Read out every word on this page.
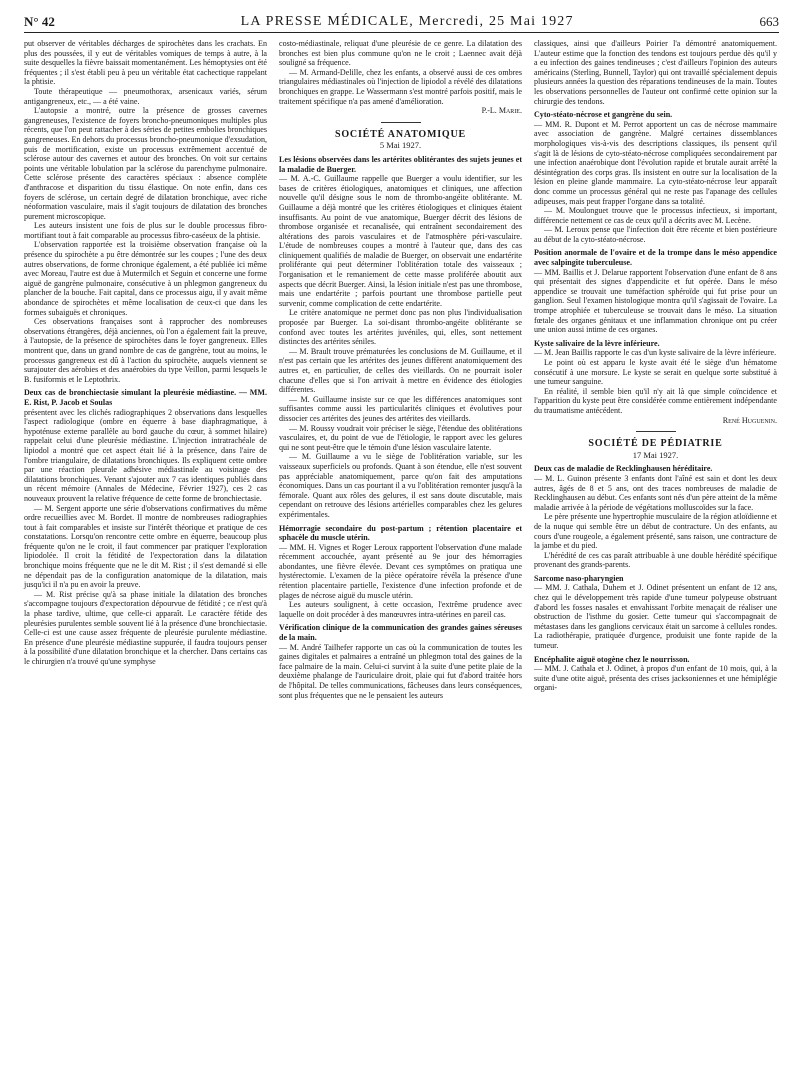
N° 42	LA PRESSE MÉDICALE, Mercredi, 25 Mai 1927	663

put observer de véritables décharges de spirochètes dans les crachats. En plus des poussées, il y eut de véritables vomiques de temps à autre, à la suite desquelles la fièvre baissait momentanément. Les hémoptysies ont été fréquentes ; il s'est établi peu à peu un véritable état cachectique rappelant la phtisie.

Toute thérapeutique — pneumothorax, arsenicaux variés, sérum antigangreneux, etc., — a été vaine.

L'autopsie a montré, outre la présence de grosses cavernes gangreneuses, l'existence de foyers broncho-pneumoniques multiples plus récents, que l'on peut rattacher à des séries de petites embolies bronchiques gangreneuses. En dehors du processus broncho-pneumonique d'exsudation, puis de mortification, existe un processus extrêmement accentué de sclérose autour des cavernes et autour des bronches. On voit sur certains points une véritable lobulation par la sclérose du parenchyme pulmonaire. Cette sclérose présente des caractères spéciaux : absence complète d'anthracose et disparition du tissu élastique. On note enfin, dans ces foyers de sclérose, un certain degré de dilatation bronchique, avec riche néoformation vasculaire, mais il s'agit toujours de dilatation des bronches purement microscopique.

Les auteurs insistent une fois de plus sur le double processus fibro-mortifiant tout à fait comparable au processus fibro-caséeux de la phtisie.

L'observation rapportée est la troisième observation française où la présence du spirochète a pu être démontrée sur les coupes ; l'une des deux autres observations, de forme chronique également, a été publiée ici même avec Moreau, l'autre est due à Mutermilch et Seguin et concerne une forme aiguë de gangrène pulmonaire, consécutive à un phlegmon gangreneux du plancher de la bouche. Fait capital, dans ce processus aigu, il y avait même abondance de spirochètes et même localisation de ceux-ci que dans les formes subaiguës et chroniques.

Ces observations françaises sont à rapprocher des nombreuses observations étrangères, déjà anciennes, où l'on a également fait la preuve, à l'autopsie, de la présence de spirochètes dans le foyer gangreneux. Elles montrent que, dans un grand nombre de cas de gangrène, tout au moins, le processus gangreneux est dû à l'action du spirochète, auquels viennent se surajouter des aérobies et des anaérobies du type Veillon, parmi lesquels le B. fusiformis et le Leptothrix.

Deux cas de bronchiectasie simulant la pleurésie médiastine. — MM. E. Rist, P. Jacob et Soulas

présentent avec les clichés radiographiques 2 observations dans lesquelles l'aspect radiologique (ombre en équerre à base diaphragmatique, à hypoténuse externe parallèle au bord gauche du cœur, à sommet hilaire) rappelait celui d'une pleurésie médiastine. L'injection intratrachéale de lipiodol a montré que cet aspect était lié à la présence, dans l'aire de l'ombre triangulaire, de dilatations bronchiques. Ils expliquent cette ombre par une réaction pleurale adhésive médiastinale au voisinage des dilatations bronchiques. Venant s'ajouter aux 7 cas identiques publiés dans un récent mémoire (Annales de Médecine, Février 1927), ces 2 cas nouveaux prouvent la relative fréquence de cette forme de bronchiectasie.

— M. Sergent apporte une série d'observations confirmatives du même ordre recueillies avec M. Bordet. Il montre de nombreuses radiographies tout à fait comparables et insiste sur l'intérêt théorique et pratique de ces constatations. Lorsqu'on rencontre cette ombre en équerre, beaucoup plus fréquente qu'on ne le croit, il faut commencer par pratiquer l'exploration lipiodolée. Il croit la fétidité de l'expectoration dans la dilatation bronchique moins fréquente que ne le dit M. Rist ; il s'est demandé si elle ne dépendait pas de la configuration anatomique de la dilatation, mais jusqu'ici il n'a pu en avoir la preuve.

— M. Rist précise qu'à sa phase initiale la dilatation des bronches s'accompagne toujours d'expectoration dépourvue de fétidité ; ce n'est qu'à la phase tardive, ultime, que celle-ci apparaît. Le caractère fétide des pleurésies purulentes semble souvent lié à la présence d'une bronchiectasie. Celle-ci est une cause assez fréquente de pleurésie purulente médiastine. En présence d'une pleurésie médiastine suppurée, il faudra toujours penser à la possibilité d'une dilatation bronchique et la chercher. Dans certains cas le chirurgien n'a trouvé qu'une symphyse

costo-médiastinale, reliquat d'une pleurésie de ce genre. La dilatation des bronches est bien plus commune qu'on ne le croit ; Laennec avait déjà souligné sa fréquence.

— M. Armand-Delille, chez les enfants, a observé aussi de ces ombres triangulaires médiastinales où l'injection de lipiodol a révélé des dilatations bronchiques en grappe. Le Wassermann s'est montré parfois positif, mais le traitement spécifique n'a pas amené d'amélioration.

P.-L. Marie.

SOCIÉTÉ ANATOMIQUE

5 Mai 1927.

Les lésions observées dans les artérites oblitérantes des sujets jeunes et la maladie de Buerger.

— M. A.-C. Guillaume rappelle que Buerger a voulu identifier, sur les bases de critères étiologiques, anatomiques et cliniques, une affection nouvelle qu'il désigne sous le nom de thrombo-angéite oblitérante. M. Guillaume a déjà montré que les critères étiologiques et cliniques étaient insuffisants. Au point de vue anatomique, Buerger décrit des lésions de thrombose organisée et recanalisée, qui entraînent secondairement des altérations des parois vasculaires et de l'atmosphère péri-vasculaire. L'étude de nombreuses coupes a montré à l'auteur que, dans des cas cliniquement qualifiés de maladie de Buerger, on observait une endartérite proliférante qui peut déterminer l'oblitération totale des vaisseaux ; l'organisation et le remaniement de cette masse proliférée aboutit aux aspects que décrit Buerger. Ainsi, la lésion initiale n'est pas une thrombose, mais une endartérite ; parfois pourtant une thrombose partielle peut survenir, comme complication de cette endartérite.

Le critère anatomique ne permet donc pas non plus l'individualisation proposée par Buerger. La soi-disant thrombo-angéite oblitérante se confond avec toutes les artérites juvéniles, qui, elles, sont nettement distinctes des artérites séniles.

— M. Brault trouve prématurées les conclusions de M. Guillaume, et il n'est pas certain que les artérites des jeunes diffèrent anatomiquement des autres et, en particulier, de celles des vieillards. On ne pourrait isoler chacune d'elles que si l'on arrivait à mettre en évidence des étiologies différentes.

— M. Guillaume insiste sur ce que les différences anatomiques sont suffisantes comme aussi les particularités cliniques et évolutives pour dissocier ces artérites des jeunes des artérites des vieillards.

— M. Roussy voudrait voir préciser le siège, l'étendue des oblitérations vasculaires, et, du point de vue de l'étiologie, le rapport avec les gelures qui ne sont peut-être que le témoin d'une lésion vasculaire latente.

— M. Guillaume a vu le siège de l'oblitération variable, sur les vaisseaux superficiels ou profonds. Quant à son étendue, elle n'est souvent pas appréciable anatomiquement, parce qu'on fait des amputations économiques. Dans un cas pourtant il a vu l'oblitération remonter jusqu'à la fémorale. Quant aux rôles des gelures, il est sans doute discutable, mais cependant on retrouve des lésions artérielles comparables chez les gelures expérimentales.

Hémorragie secondaire du post-partum ; rétention placentaire et sphacèle du muscle utérin.

— MM. H. Vignes et Roger Leroux rapportent l'observation d'une malade récemment accouchée, ayant présenté au 9e jour des hémorragies abondantes, une fièvre élevée. Devant ces symptômes on pratiqua une hystérectomie. L'examen de la pièce opératoire révéla la présence d'une rétention placentaire partielle, l'existence d'une infection profonde et de plages de nécrose aiguë du muscle utérin.

Les auteurs soulignent, à cette occasion, l'extrême prudence avec laquelle on doit procéder à des manœuvres intra-utérines en pareil cas.

Vérification clinique de la communication des grandes gaines séreuses de la main.

— M. André Tailhefer rapporte un cas où la communication de toutes les gaines digitales et palmaires a entraîné un phlegmon total des gaines de la face palmaire de la main. Celui-ci survint à la suite d'une petite plaie de la deuxième phalange de l'auriculaire droit, plaie qui fut d'abord traitée hors de l'hôpital. De telles communications, fâcheuses dans leurs conséquences, sont plus fréquentes que ne le pensaient les auteurs

classiques, ainsi que d'ailleurs Poirier l'a démontré anatomiquement. L'auteur estime que la fonction des tendons est toujours perdue dès qu'il y a eu infection des gaines tendineuses ; c'est d'ailleurs l'opinion des auteurs américains (Sterling, Bunnell, Taylor) qui ont travaillé spécialement depuis plusieurs années la question des réparations tendineuses de la main. Toutes les observations personnelles de l'auteur ont confirmé cette opinion sur la chirurgie des tendons.

Cyto-stéato-nécrose et gangrène du sein.

— MM. R. Dupont et M. Perrot apportent un cas de nécrose mammaire avec association de gangrène. Malgré certaines dissemblances morphologiques vis-à-vis des descriptions classiques, ils pensent qu'il s'agit là de lésions de cyto-stéato-nécrose compliquées secondairement par une infection anaérobique dont l'évolution rapide et brutale aurait arrêté la désintégration des corps gras. Ils insistent en outre sur la localisation de la lésion en pleine glande mammaire. La cyto-stéato-nécrose leur apparaît donc comme un processus général qui ne reste pas l'apanage des cellules adipeuses, mais peut frapper l'organe dans sa totalité.

— M. Moulonguet trouve que le processus infectieux, si important, différencie nettement ce cas de ceux qu'il a décrits avec M. Lecène.

— M. Leroux pense que l'infection doit être récente et bien postérieure au début de la cyto-stéato-nécrose.

Position anormale de l'ovaire et de la trompe dans le méso appendice avec salpingite tuberculeuse.

— MM. Baillis et J. Delarue rapportent l'observation d'une enfant de 8 ans qui présentait des signes d'appendicite et fut opérée. Dans le méso appendice se trouvait une tuméfaction sphéroïde qui fut prise pour un ganglion. Seul l'examen histologique montra qu'il s'agissait de l'ovaire. La trompe atrophiée et tuberculeuse se trouvait dans le méso. La situation fœtale des organes génitaux et une inflammation chronique ont pu créer une union aussi intime de ces organes.

Kyste salivaire de la lèvre inférieure.

— M. Jean Baillis rapporte le cas d'un kyste salivaire de la lèvre inférieure.

Le point où est apparu le kyste avait été le siège d'un hématome consécutif à une morsure. Le kyste se serait en quelque sorte substitué à une tumeur sanguine.

En réalité, il semble bien qu'il n'y ait là que simple coïncidence et l'apparition du kyste peut être considérée comme entièrement indépendante du traumatisme antécédent.

René Huguenin.

SOCIÉTÉ DE PÉDIATRIE

17 Mai 1927.

Deux cas de maladie de Recklinghausen héréditaire.

— M. L. Guinon présente 3 enfants dont l'aîné est sain et dont les deux autres, âgés de 8 et 5 ans, ont des traces nombreuses de maladie de Recklinghausen au début. Ces enfants sont nés d'un père atteint de la même maladie arrivée à la période de végétations molluscoïdes sur la face.

Le père présente une hypertrophie musculaire de la région atloïdienne et de la nuque qui semble être un début de contracture. Un des enfants, au cours d'une rougeole, a également présenté, sans raison, une contracture de la jambe et du pied.

L'hérédité de ces cas paraît attribuable à une double hérédité spécifique provenant des grands-parents.

Sarcome naso-pharyngien

— MM. J. Cathala, Duhem et J. Odinet présentent un enfant de 12 ans, chez qui le développement très rapide d'une tumeur polypeuse obstruant d'abord les fosses nasales et envahissant l'orbite menaçait de réaliser une obstruction de l'isthme du gosier. Cette tumeur qui s'accompagnait de métastases dans les ganglions cervicaux était un sarcome à cellules rondes. La radiothérapie, pratiquée d'urgence, produisit une fonte rapide de la tumeur.

Encéphalite aiguë otogène chez le nourrisson.

— MM. J. Cathala et J. Odinet, à propos d'un enfant de 10 mois, qui, à la suite d'une otite aiguë, présenta des crises jacksoniennes et une hémiplégie organi-
